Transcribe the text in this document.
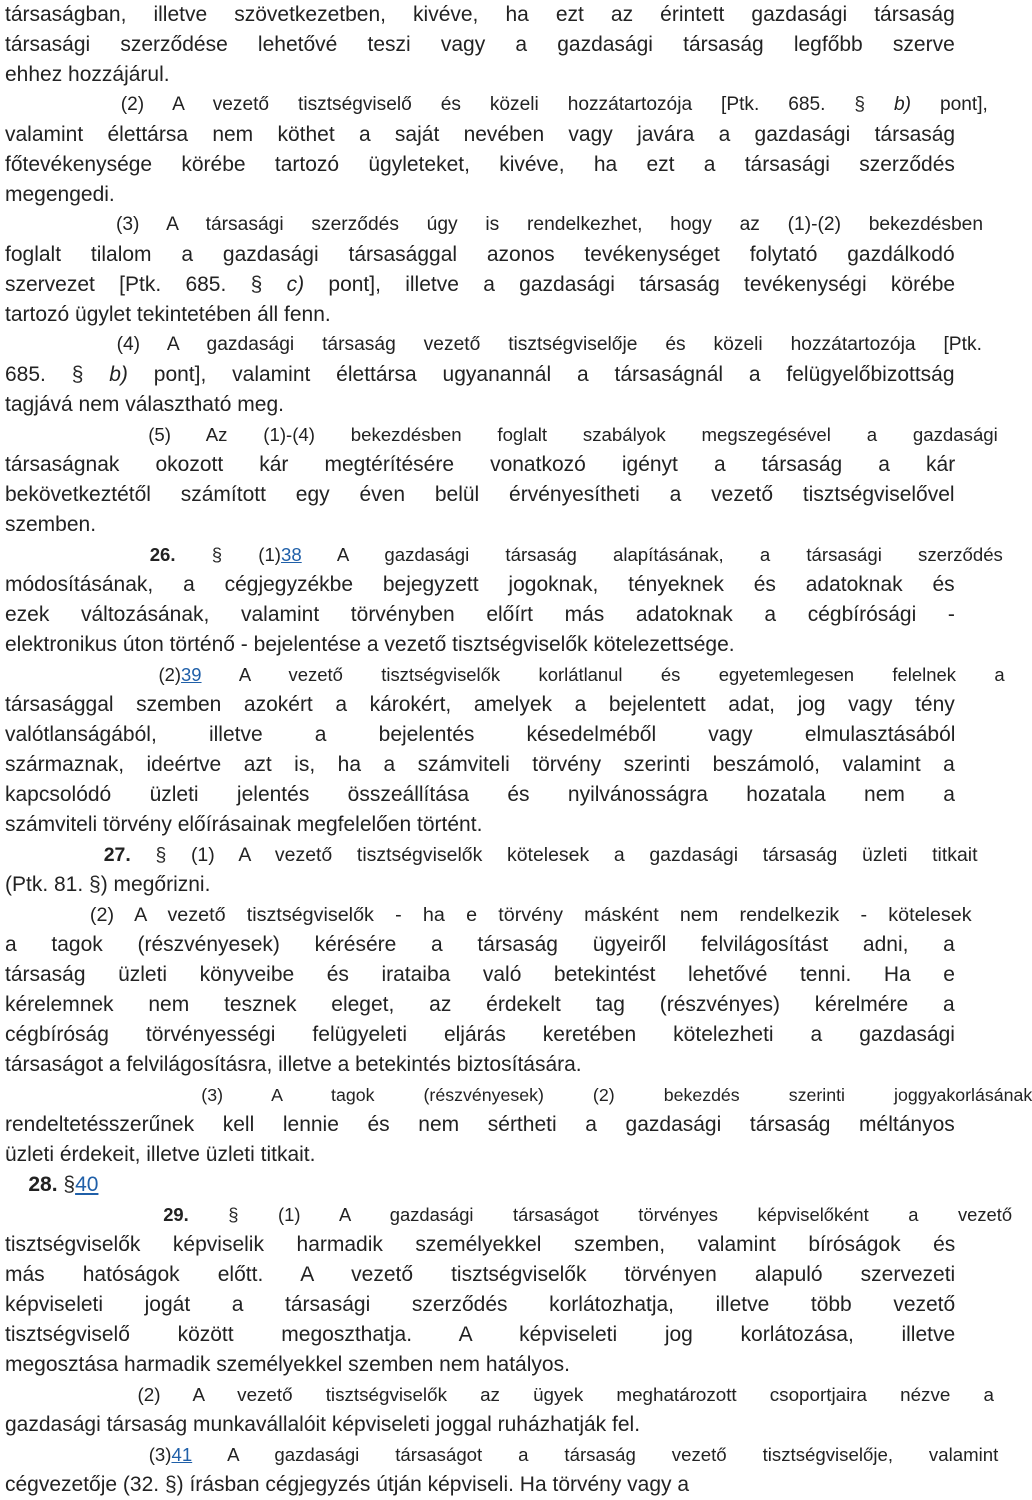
társaságban, illetve szövetkezetben, kivéve, ha ezt az érintett gazdasági társaság
társasági szerződése lehetővé teszi vagy a gazdasági társaság legfőbb szerve
ehhez hozzájárul.
(2) A vezető tisztségviselő és közeli hozzátartozója [Ptk. 685. § b) pont],
valamint élettársa nem köthet a saját nevében vagy javára a gazdasági társaság
főtevékenysége körébe tartozó ügyleteket, kivéve, ha ezt a társasági szerződés
megengedi.
(3) A társasági szerződés úgy is rendelkezhet, hogy az (1)-(2) bekezdésben
foglalt tilalom a gazdasági társasággal azonos tevékenységet folytató gazdálkodó
szervezet [Ptk. 685. § c) pont], illetve a gazdasági társaság tevékenységi körébe
tartozó ügylet tekintetében áll fenn.
(4) A gazdasági társaság vezető tisztségviselője és közeli hozzátartozója [Ptk.
685. § b) pont], valamint élettársa ugyanannál a társaságnál a felügyelőbizottság
tagjává nem választható meg.
(5) Az (1)-(4) bekezdésben foglalt szabályok megszegésével a gazdasági
társaságnak okozott kár megtérítésére vonatkozó igényt a társaság a kár
bekövetkeztétől számított egy éven belül érvényesítheti a vezető tisztségviselővel
szemben.
26. § (1)38 A gazdasági társaság alapításának, a társasági szerződés
módosításának, a cégjegyzékbe bejegyzett jogoknak, tényeknek és adatoknak és
ezek változásának, valamint törvényben előírt más adatoknak a cégbírósági -
elektronikus úton történő - bejelentése a vezető tisztségviselők kötelezettsége.
(2)39 A vezető tisztségviselők korlátlanul és egyetemlegesen felelnek a
társasággal szemben azokért a károkért, amelyek a bejelentett adat, jog vagy tény
valótlanságából, illetve a bejelentés késedelméből vagy elmulasztásából
származnak, ideértve azt is, ha a számviteli törvény szerinti beszámoló, valamint a
kapcsolódó üzleti jelentés összeállítása és nyilvánosságra hozatala nem a
számviteli törvény előírásainak megfelelően történt.
27. § (1) A vezető tisztségviselők kötelesek a gazdasági társaság üzleti titkait
(Ptk. 81. §) megőrizni.
(2) A vezető tisztségviselők - ha e törvény másként nem rendelkezik - kötelesek
a tagok (részvényesek) kérésére a társaság ügyeiről felvilágosítást adni, a
társaság üzleti könyveibe és irataiba való betekintést lehetővé tenni. Ha e
kérelemnek nem tesznek eleget, az érdekelt tag (részvényes) kérelmére a
cégbíróság törvényességi felügyeleti eljárás keretében kötelezheti a gazdasági
társaságot a felvilágosításra, illetve a betekintés biztosítására.
(3) A tagok (részvényesek) (2) bekezdés szerinti joggyakorlásának
rendeltetésszerűnek kell lennie és nem sértheti a gazdasági társaság méltányos
üzleti érdekeit, illetve üzleti titkait.
28. §40
29. § (1) A gazdasági társaságot törvényes képviselőként a vezető
tisztségviselők képviselik harmadik személyekkel szemben, valamint bíróságok és
más hatóságok előtt. A vezető tisztségviselők törvényen alapuló szervezeti
képviseleti jogát a társasági szerződés korlátozhatja, illetve több vezető
tisztségviselő között megoszthatja. A képviseleti jog korlátozása, illetve
megosztása harmadik személyekkel szemben nem hatályos.
(2) A vezető tisztségviselők az ügyek meghatározott csoportjaira nézve a
gazdasági társaság munkavállalóit képviseleti joggal ruházhatják fel.
(3)41 A gazdasági társaságot a társaság vezető tisztségviselője, valamint
cégvezetője (32. §) írásban cégjegyzés útján képviseli. Ha törvény vagy a
